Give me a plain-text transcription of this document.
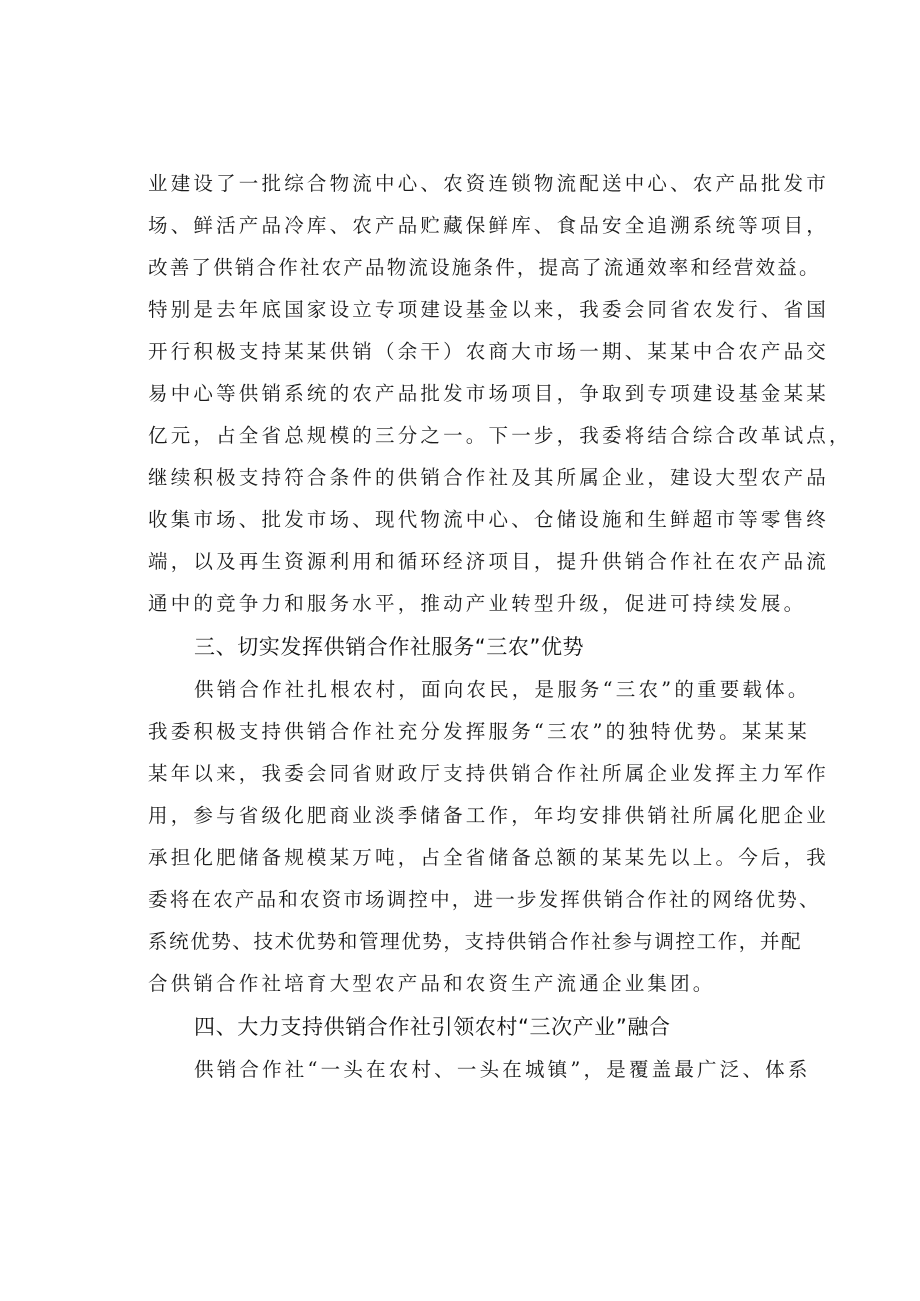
业建设了一批综合物流中心、农资连锁物流配送中心、农产品批发市
场、鲜活产品冷库、农产品贮藏保鲜库、食品安全追溯系统等项目，
改善了供销合作社农产品物流设施条件，提高了流通效率和经营效益。
特别是去年底国家设立专项建设基金以来，我委会同省农发行、省国
开行积极支持某某供销（余干）农商大市场一期、某某中合农产品交
易中心等供销系统的农产品批发市场项目，争取到专项建设基金某某
亿元，占全省总规模的三分之一。下一步，我委将结合综合改革试点，
继续积极支持符合条件的供销合作社及其所属企业，建设大型农产品
收集市场、批发市场、现代物流中心、仓储设施和生鲜超市等零售终
端，以及再生资源利用和循环经济项目，提升供销合作社在农产品流
通中的竞争力和服务水平，推动产业转型升级，促进可持续发展。
三、切实发挥供销合作社服务“三农”优势
供销合作社扎根农村，面向农民，是服务“三农”的重要载体。
我委积极支持供销合作社充分发挥服务“三农”的独特优势。某某某
某年以来，我委会同省财政厅支持供销合作社所属企业发挥主力军作
用，参与省级化肥商业淡季储备工作，年均安排供销社所属化肥企业
承担化肥储备规模某万吨，占全省储备总额的某某先以上。今后，我
委将在农产品和农资市场调控中，进一步发挥供销合作社的网络优势、
系统优势、技术优势和管理优势，支持供销合作社参与调控工作，并配
合供销合作社培育大型农产品和农资生产流通企业集团。
四、大力支持供销合作社引领农村“三次产业”融合
供销合作社“一头在农村、一头在城镇”，是覆盖最广泛、体系
